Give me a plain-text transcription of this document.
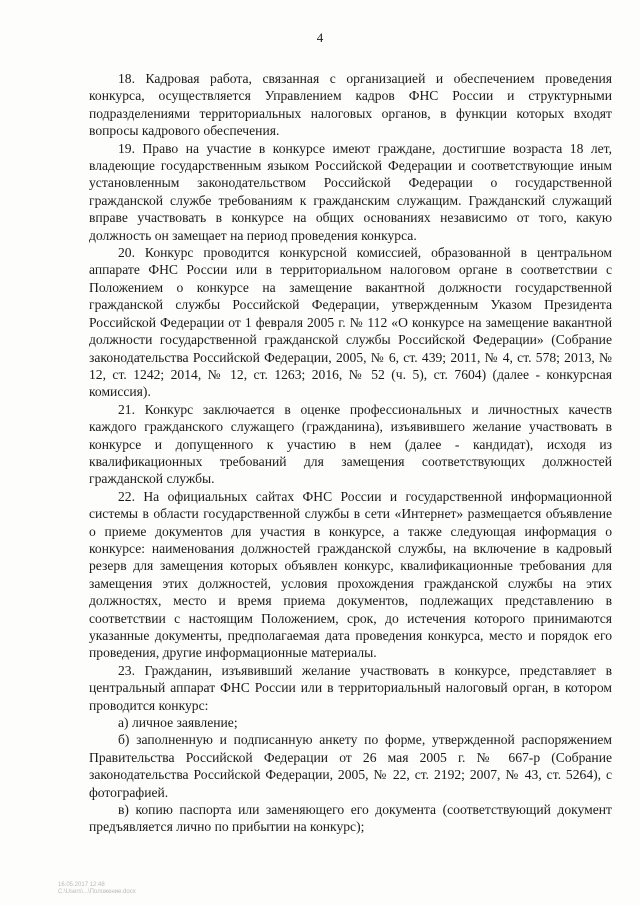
4

18. Кадровая работа, связанная с организацией и обеспечением проведения конкурса, осуществляется Управлением кадров ФНС России и структурными подразделениями территориальных налоговых органов, в функции которых входят вопросы кадрового обеспечения.

19. Право на участие в конкурсе имеют граждане, достигшие возраста 18 лет, владеющие государственным языком Российской Федерации и соответствующие иным установленным законодательством Российской Федерации о государственной гражданской службе требованиям к гражданским служащим. Гражданский служащий вправе участвовать в конкурсе на общих основаниях независимо от того, какую должность он замещает на период проведения конкурса.

20. Конкурс проводится конкурсной комиссией, образованной в центральном аппарате ФНС России или в территориальном налоговом органе в соответствии с Положением о конкурсе на замещение вакантной должности государственной гражданской службы Российской Федерации, утвержденным Указом Президента Российской Федерации от 1 февраля 2005 г. № 112 «О конкурсе на замещение вакантной должности государственной гражданской службы Российской Федерации» (Собрание законодательства Российской Федерации, 2005, № 6, ст. 439; 2011, № 4, ст. 578; 2013, № 12, ст. 1242; 2014, № 12, ст. 1263; 2016, № 52 (ч. 5), ст. 7604) (далее - конкурсная комиссия).

21. Конкурс заключается в оценке профессиональных и личностных качеств каждого гражданского служащего (гражданина), изъявившего желание участвовать в конкурсе и допущенного к участию в нем (далее - кандидат), исходя из квалификационных требований для замещения соответствующих должностей гражданской службы.

22. На официальных сайтах ФНС России и государственной информационной системы в области государственной службы в сети «Интернет» размещается объявление о приеме документов для участия в конкурсе, а также следующая информация о конкурсе: наименования должностей гражданской службы, на включение в кадровый резерв для замещения которых объявлен конкурс, квалификационные требования для замещения этих должностей, условия прохождения гражданской службы на этих должностях, место и время приема документов, подлежащих представлению в соответствии с настоящим Положением, срок, до истечения которого принимаются указанные документы, предполагаемая дата проведения конкурса, место и порядок его проведения, другие информационные материалы.

23. Гражданин, изъявивший желание участвовать в конкурсе, представляет в центральный аппарат ФНС России или в территориальный налоговый орган, в котором проводится конкурс:

а) личное заявление;

б) заполненную и подписанную анкету по форме, утвержденной распоряжением Правительства Российской Федерации от 26 мая 2005 г. № 667-р (Собрание законодательства Российской Федерации, 2005, № 22, ст. 2192; 2007, № 43, ст. 5264), с фотографией.

в) копию паспорта или заменяющего его документа (соответствующий документ предъявляется лично по прибытии на конкурс);

16.05.2017 12:48
C:\Users\...\Положение.docx
